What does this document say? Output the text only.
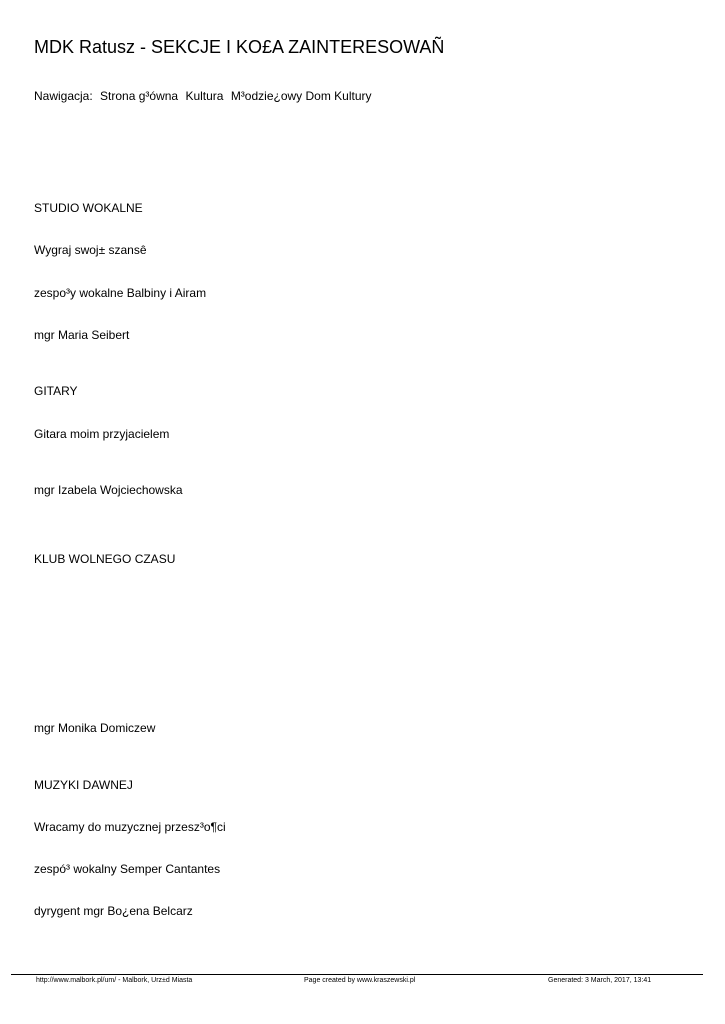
MDK Ratusz - SEKCJE I KO£A ZAINTERESOWAÑ
Nawigacja: Strona g³ówna Kultura M³odzie¿owy Dom Kultury
STUDIO WOKALNE
Wygraj swoj± szansê
zespo³y wokalne Balbiny i Airam
mgr Maria Seibert
GITARY
Gitara moim przyjacielem
mgr Izabela Wojciechowska
KLUB WOLNEGO CZASU
mgr Monika Domiczew
MUZYKI DAWNEJ
Wracamy do muzycznej przesz³o¶ci
zespó³ wokalny Semper Cantantes
dyrygent mgr Bo¿ena Belcarz
http://www.malbork.pl/um/ - Malbork, Urz±d Miasta	Page created by www.kraszewski.pl	Generated: 3 March, 2017, 13:41
